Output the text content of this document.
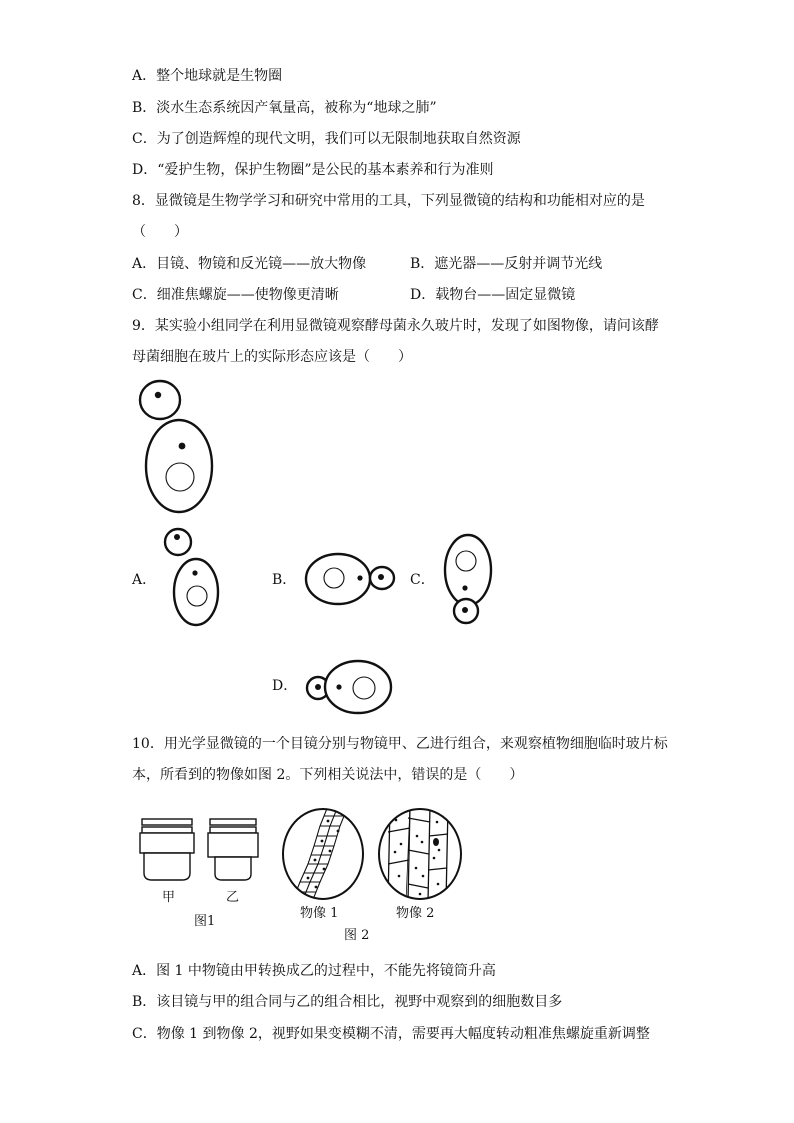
A．整个地球就是生物圈
B．淡水生态系统因产氧量高，被称为“地球之肺”
C．为了创造辉煌的现代文明，我们可以无限制地获取自然资源
D．“爱护生物，保护生物圈”是公民的基本素养和行为准则
8．显微镜是生物学学习和研究中常用的工具，下列显微镜的结构和功能相对应的是
（　　）
A．目镜、物镜和反光镜——放大物像	B．遮光器——反射并调节光线
C．细准焦螺旋——使物像更清晰	D．载物台——固定显微镜
9．某实验小组同学在利用显微镜观察酵母菌永久玻片时，发现了如图物像，请问该酵
母菌细胞在玻片上的实际形态应该是（　　）
A．	B．	C．
D．
10．用光学显微镜的一个目镜分别与物镜甲、乙进行组合，来观察植物细胞临时玻片标
本，所看到的物像如图 2。下列相关说法中，错误的是（　　）
甲	乙
图1
物像 1	物像 2
图 2
A．图 1 中物镜由甲转换成乙的过程中，不能先将镜筒升高
B．该目镜与甲的组合同与乙的组合相比，视野中观察到的细胞数目多
C．物像 1 到物像 2，视野如果变模糊不清，需要再大幅度转动粗准焦螺旋重新调整
